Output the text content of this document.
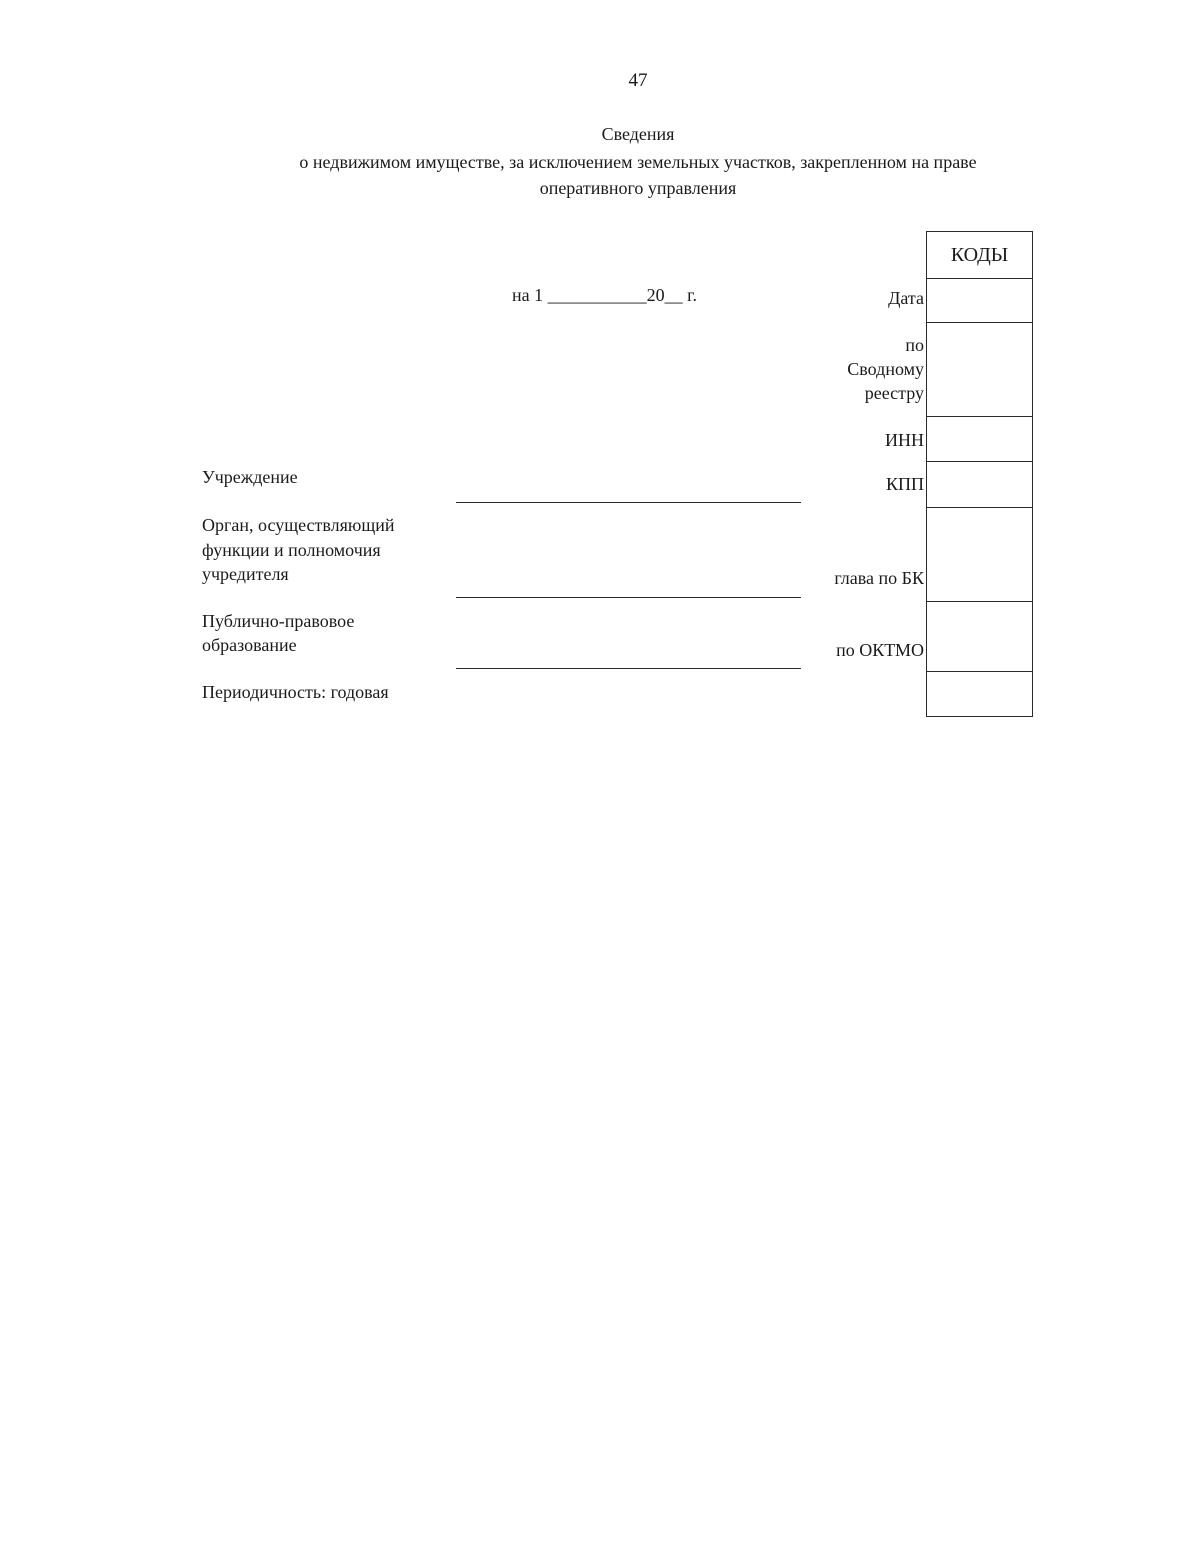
47
Сведения
о недвижимом имуществе, за исключением земельных участков, закрепленном на праве
оперативного управления
на 1 ___________20__ г.
КОДЫ
Дата
по
Сводному
реестру
ИНН
КПП
глава по БК
по ОКТМО
Учреждение
Орган, осуществляющий
функции и полномочия
учредителя
Публично-правовое
образование
Периодичность: годовая
